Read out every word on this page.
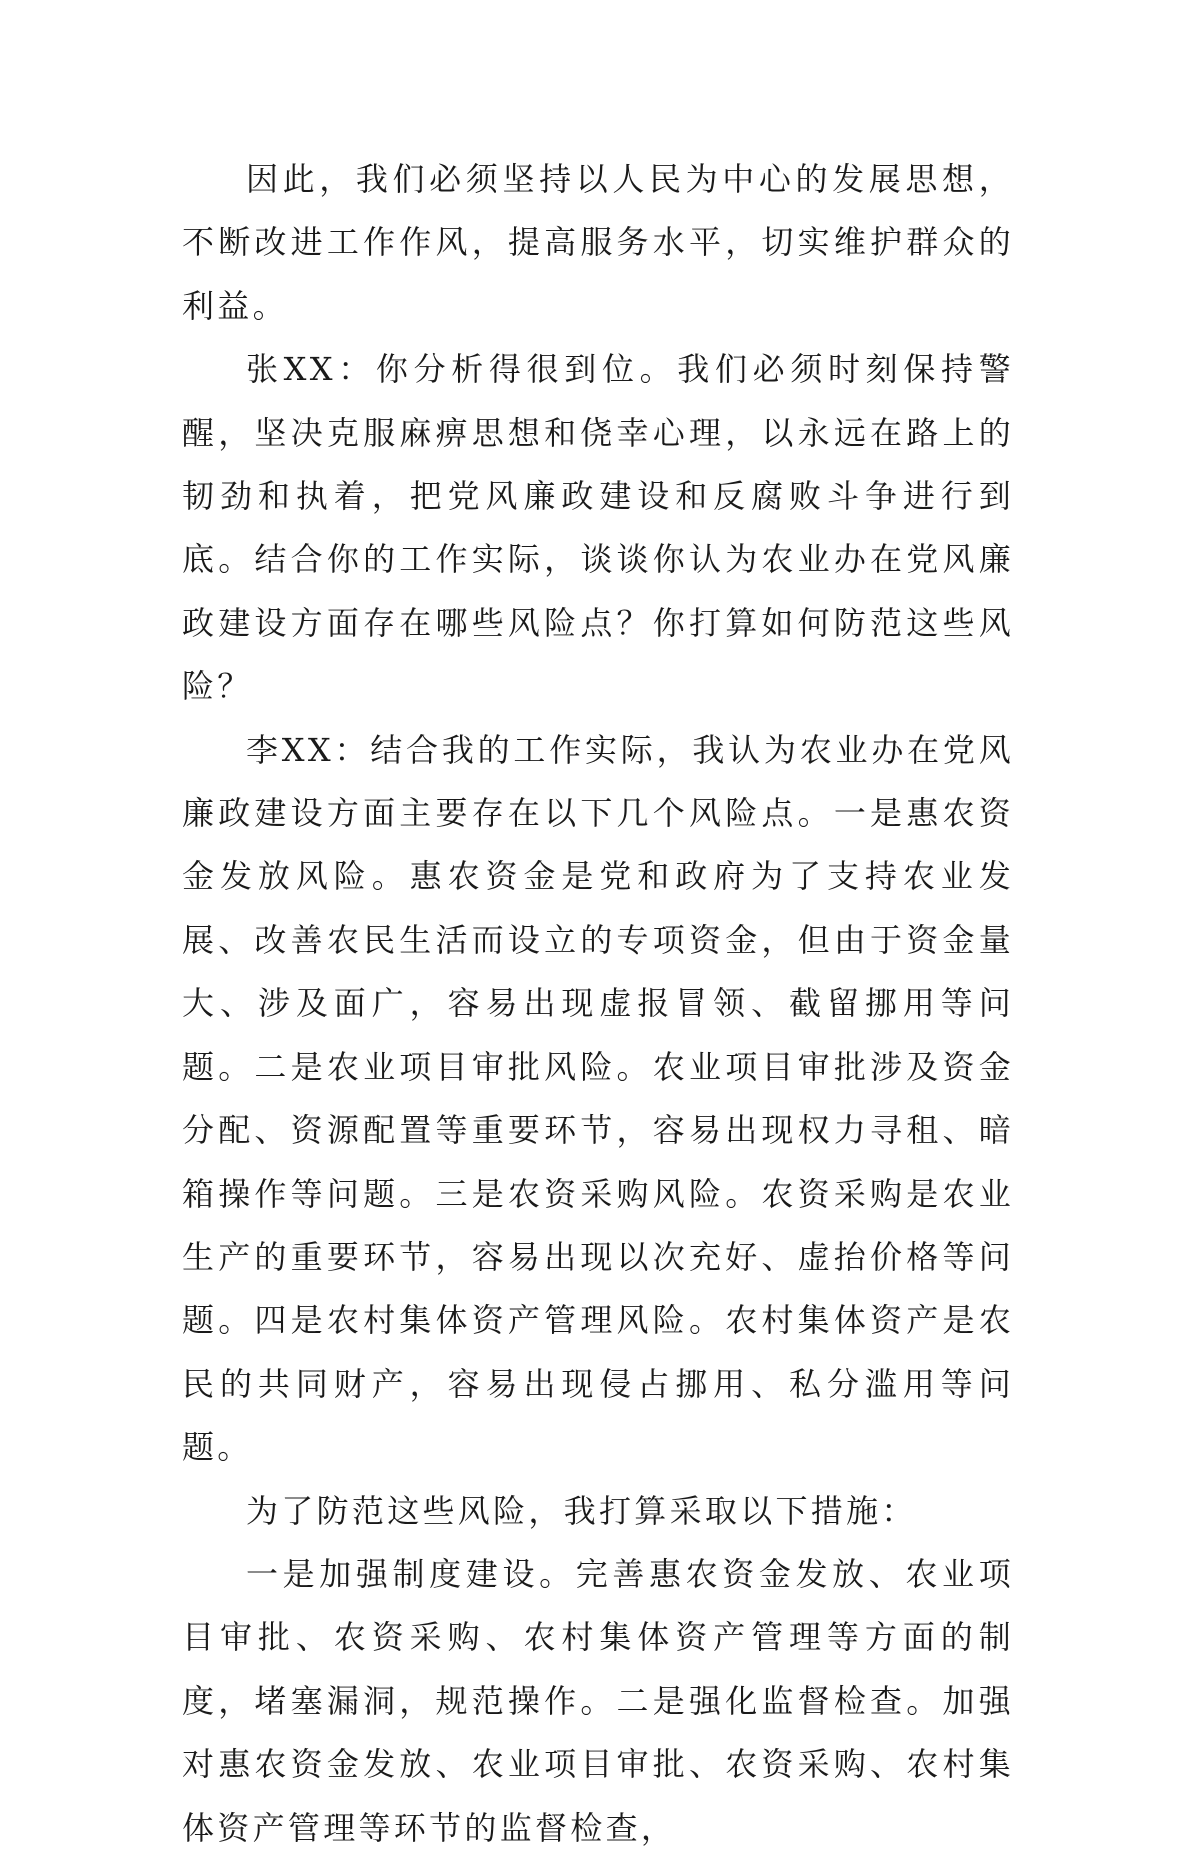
因此，我们必须坚持以人民为中心的发展思想，不断改进工作作风，提高服务水平，切实维护群众的利益。

张XX：你分析得很到位。我们必须时刻保持警醒，坚决克服麻痹思想和侥幸心理，以永远在路上的韧劲和执着，把党风廉政建设和反腐败斗争进行到底。结合你的工作实际，谈谈你认为农业办在党风廉政建设方面存在哪些风险点？你打算如何防范这些风险？

李XX：结合我的工作实际，我认为农业办在党风廉政建设方面主要存在以下几个风险点。一是惠农资金发放风险。惠农资金是党和政府为了支持农业发展、改善农民生活而设立的专项资金，但由于资金量大、涉及面广，容易出现虚报冒领、截留挪用等问题。二是农业项目审批风险。农业项目审批涉及资金分配、资源配置等重要环节，容易出现权力寻租、暗箱操作等问题。三是农资采购风险。农资采购是农业生产的重要环节，容易出现以次充好、虚抬价格等问题。四是农村集体资产管理风险。农村集体资产是农民的共同财产，容易出现侵占挪用、私分滥用等问题。

为了防范这些风险，我打算采取以下措施：

一是加强制度建设。完善惠农资金发放、农业项目审批、农资采购、农村集体资产管理等方面的制度，堵塞漏洞，规范操作。二是强化监督检查。加强对惠农资金发放、农业项目审批、农资采购、农村集体资产管理等环节的监督检查，
